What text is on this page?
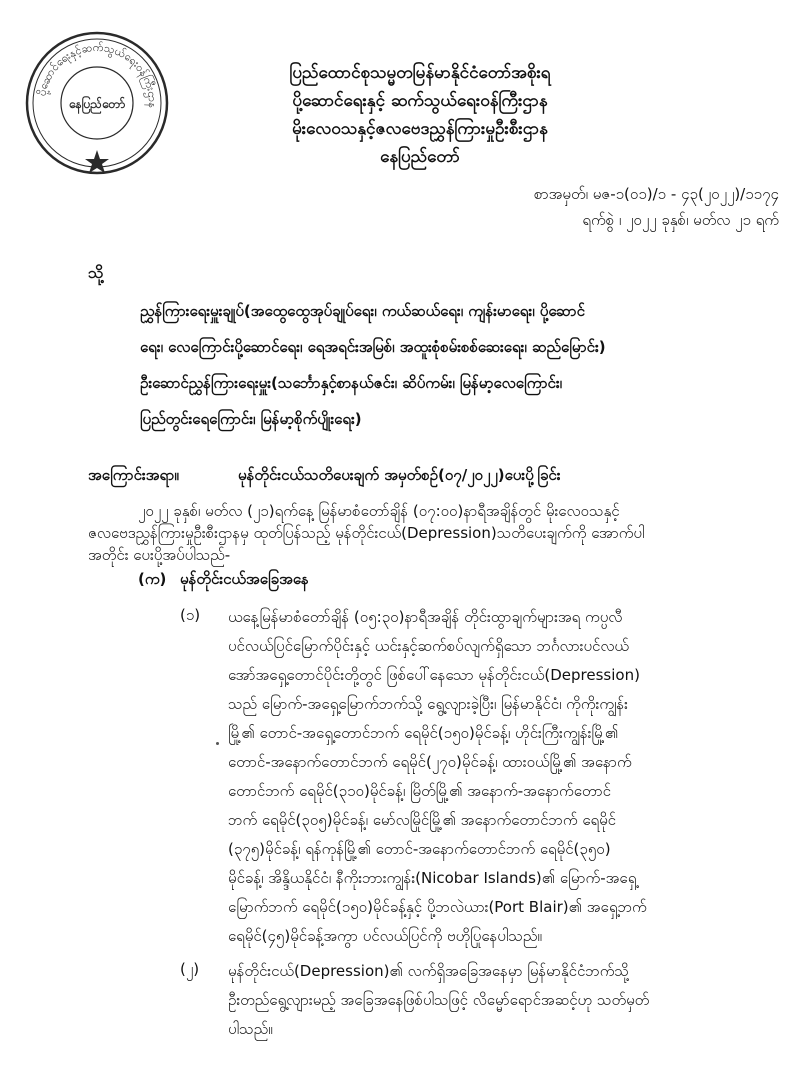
ပို့ဆောင်ရေးနှင့်ဆက်သွယ်ရေးဝန်ကြီးဌာန
နေပြည်တော်
ပြည်ထောင်စုသမ္မတမြန်မာနိုင်ငံတော်အစိုးရ
ပို့ဆောင်ရေးနှင့် ဆက်သွယ်ရေးဝန်ကြီးဌာန
မိုးလေဝသနှင့်ဇလဗေဒညွှန်ကြားမှုဦးစီးဌာန
နေပြည်တော်
စာအမှတ်၊ မဇ-၁(၀၁)/၁ - ၄၃(၂၀၂၂)/၁၁၇၄
ရက်စွဲ ၊ ၂၀၂၂ ခုနှစ်၊ မတ်လ ၂၁ ရက်
သို့
ညွှန်ကြားရေးမှူးချုပ်(အထွေထွေအုပ်ချုပ်ရေး၊ ကယ်ဆယ်ရေး၊ ကျန်းမာရေး၊ ပို့ဆောင်
ရေး၊ လေကြောင်းပို့ဆောင်ရေး၊ ရေအရင်းအမြစ်၊ အထူးစုံစမ်းစစ်ဆေးရေး၊ ဆည်မြောင်း)
ဦးဆောင်ညွှန်ကြားရေးမှူး(သင်္ဘောနှင့်စာနယ်ဇင်း၊ ဆိပ်ကမ်း၊ မြန်မာ့လေကြောင်း၊
ပြည်တွင်းရေကြောင်း၊ မြန်မာ့စိုက်ပျိုးရေး)
အကြောင်းအရာ။	မုန်တိုင်းငယ်သတိပေးချက် အမှတ်စဉ်(၀၇/၂၀၂၂)ပေးပို့ခြင်း
၂၀၂၂ ခုနှစ်၊ မတ်လ (၂၁)ရက်နေ့ မြန်မာစံတော်ချိန် (၀၇:၀၀)နာရီအချိန်တွင် မိုးလေဝသနှင့်
ဇလဗေဒညွှန်ကြားမှုဦးစီးဌာနမှ ထုတ်ပြန်သည့် မုန်တိုင်းငယ်(Depression)သတိပေးချက်ကို အောက်ပါ
အတိုင်း ပေးပို့အပ်ပါသည်-
(က) မုန်တိုင်းငယ်အခြေအနေ
(၁) ယနေ့မြန်မာစံတော်ချိန် (၀၅:၃၀)နာရီအချိန် တိုင်းထွာချက်များအရ ကပ္ပလီ
ပင်လယ်ပြင်မြောက်ပိုင်းနှင့် ယင်းနှင့်ဆက်စပ်လျက်ရှိသော ဘင်္ဂလားပင်လယ်
အော်အရှေ့တောင်ပိုင်းတို့တွင် ဖြစ်ပေါ်နေသော မုန်တိုင်းငယ်(Depression)
သည် မြောက်-အရှေ့မြောက်ဘက်သို့ ရွေ့လျားခဲ့ပြီး၊ မြန်မာနိုင်ငံ၊ ကိုကိုးကျွန်း
မြို့၏ တောင်-အရှေ့တောင်ဘက် ရေမိုင်(၁၅၀)မိုင်ခန့်၊ ဟိုင်းကြီးကျွန်းမြို့၏
တောင်-အနောက်တောင်ဘက် ရေမိုင်(၂၇၀)မိုင်ခန့်၊ ထားဝယ်မြို့၏ အနောက်
တောင်ဘက် ရေမိုင်(၃၁၀)မိုင်ခန့်၊ မြိတ်မြို့၏ အနောက်-အနောက်တောင်
ဘက် ရေမိုင်(၃၀၅)မိုင်ခန့်၊ မော်လမြိုင်မြို့၏ အနောက်တောင်ဘက် ရေမိုင်
(၃၇၅)မိုင်ခန့်၊ ရန်ကုန်မြို့၏ တောင်-အနောက်တောင်ဘက် ရေမိုင်(၃၅၀)
မိုင်ခန့်၊ အိန္ဒိယနိုင်ငံ၊ နီကိုးဘားကျွန်း(Nicobar Islands)၏ မြောက်-အရှေ့
မြောက်ဘက် ရေမိုင်(၁၅၀)မိုင်ခန့်နှင့် ပို့ဘလဲယား(Port Blair)၏ အရှေ့ဘက်
ရေမိုင်(၄၅)မိုင်ခန့်အကွာ ပင်လယ်ပြင်ကို ဗဟိုပြုနေပါသည်။
(၂) မုန်တိုင်းငယ်(Depression)၏ လက်ရှိအခြေအနေမှာ မြန်မာနိုင်ငံဘက်သို့
ဦးတည်ရွေ့လျားမည့် အခြေအနေဖြစ်ပါသဖြင့် လိမ္မော်ရောင်အဆင့်ဟု သတ်မှတ်
ပါသည်။
